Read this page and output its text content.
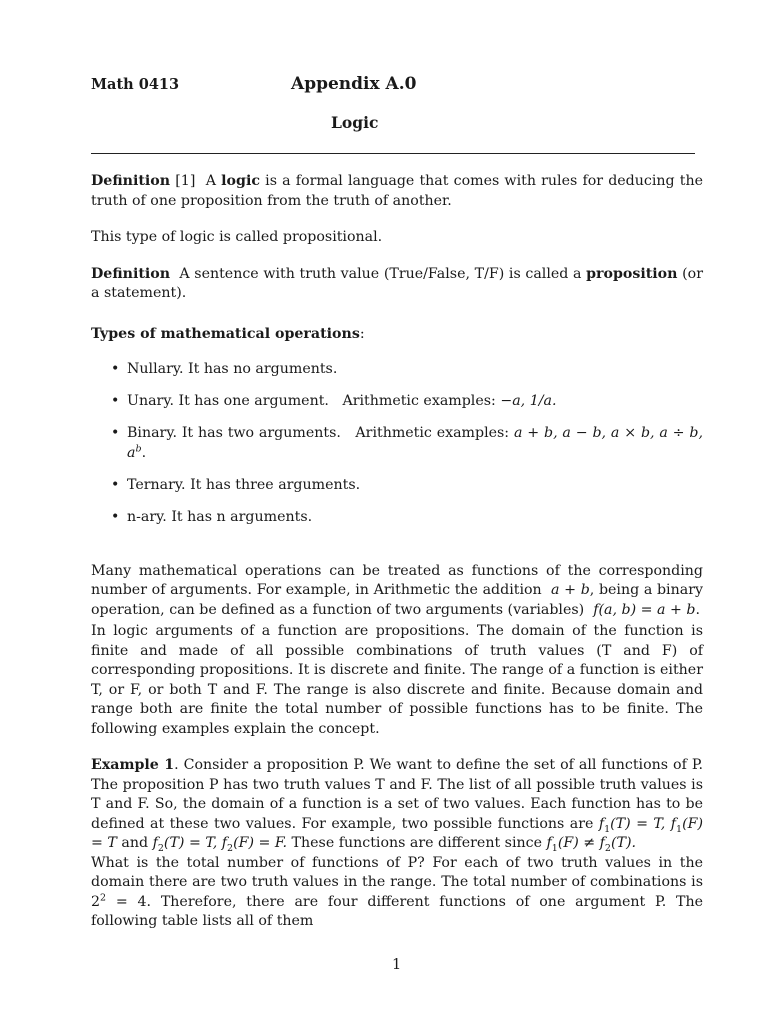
Math 0413	Appendix A.0
Logic

Definition [1] A logic is a formal language that comes with rules for deducing the truth of one proposition from the truth of another.

This type of logic is called propositional.

Definition A sentence with truth value (True/False, T/F) is called a proposition (or a statement).

Types of mathematical operations:

• Nullary. It has no arguments.
• Unary. It has one argument. Arithmetic examples: −a, 1/a.
• Binary. It has two arguments. Arithmetic examples: a + b, a − b, a × b, a ÷ b, $a^b$.
• Ternary. It has three arguments.
• n-ary. It has n arguments.

Many mathematical operations can be treated as functions of the corresponding number of arguments. For example, in Arithmetic the addition a + b, being a binary operation, can be defined as a function of two arguments (variables) f(a, b) = a + b.

In logic arguments of a function are propositions. The domain of the function is finite and made of all possible combinations of truth values (T and F) of corresponding propositions. It is discrete and finite. The range of a function is either T, or F, or both T and F. The range is also discrete and finite. Because domain and range both are finite the total number of possible functions has to be finite. The following examples explain the concept.

Example 1. Consider a proposition P. We want to define the set of all functions of P. The proposition P has two truth values T and F. The list of all possible truth values is T and F. So, the domain of a function is a set of two values. Each function has to be defined at these two values. For example, two possible functions are $f_1(T) = T$, $f_1(F) = T$ and $f_2(T) = T$, $f_2(F) = F$. These functions are different since $f_1(F) \ne f_2(T)$.
What is the total number of functions of P? For each of two truth values in the domain there are two truth values in the range. The total number of combinations is $2^2 = 4$. Therefore, there are four different functions of one argument P. The following table lists all of them

1
